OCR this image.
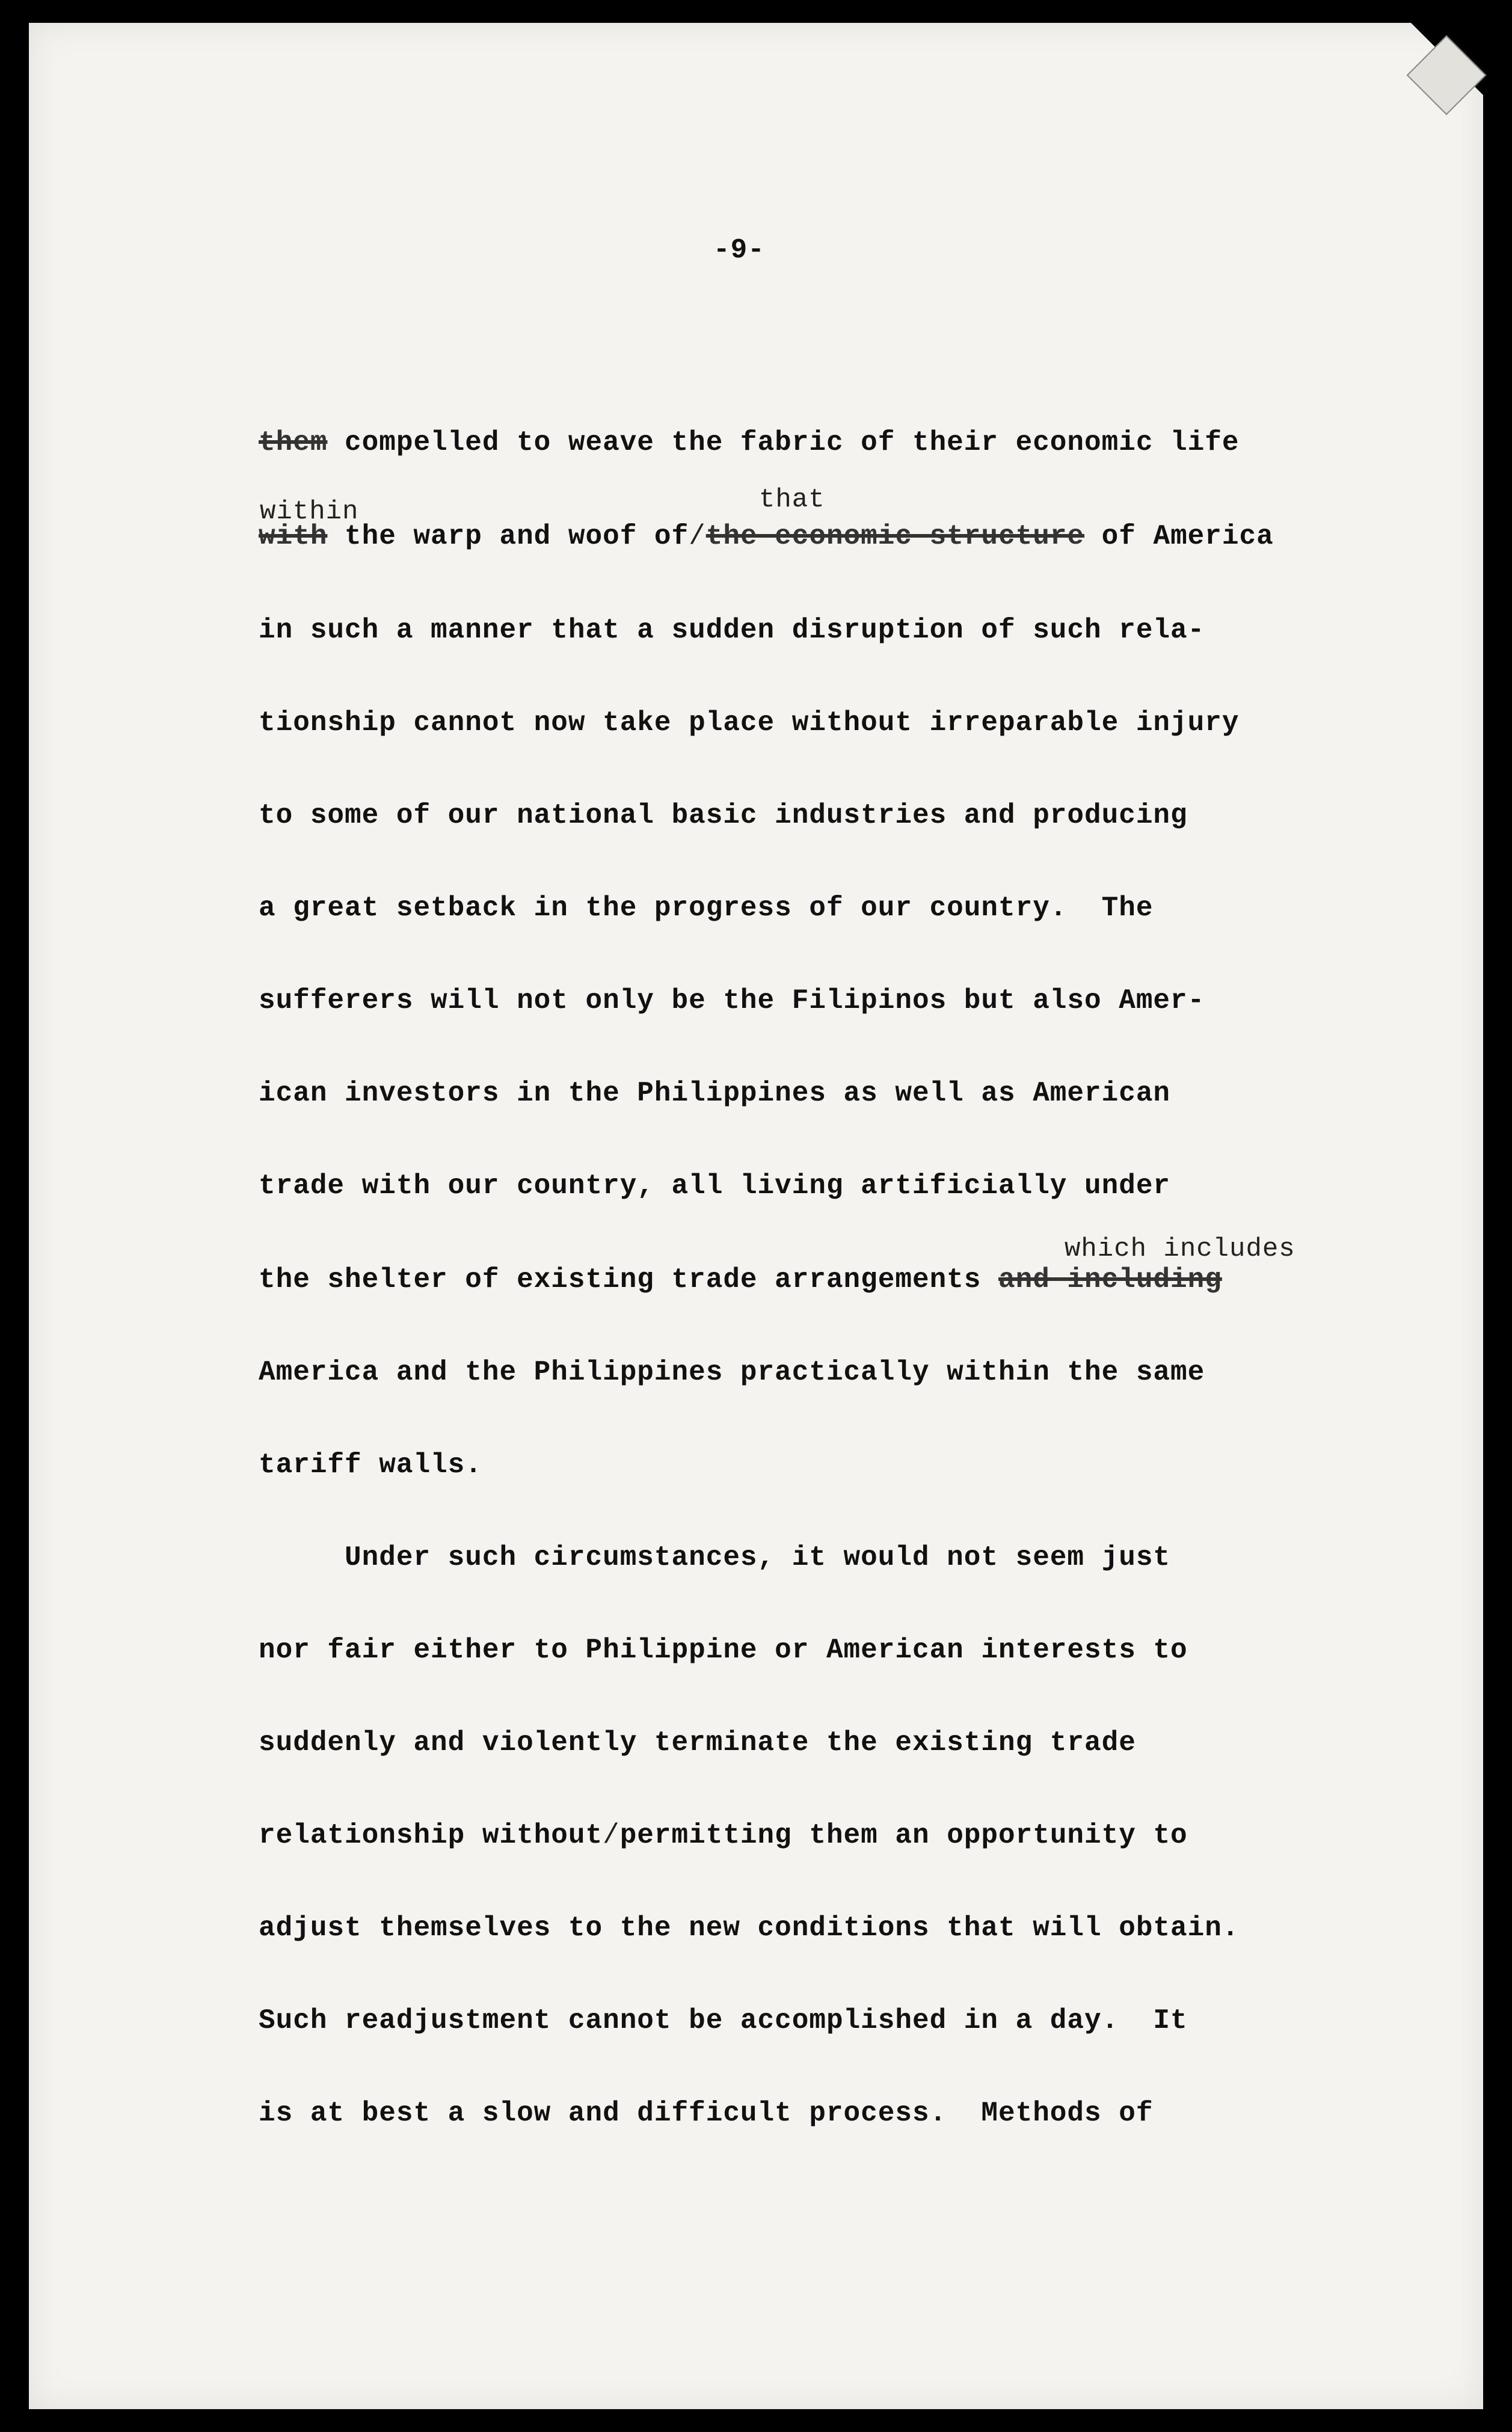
-9-
them compelled to weave the fabric of their economic life
within	that
with the warp and woof of/the economic structure of America
in such a manner that a sudden disruption of such rela-
tionship cannot now take place without irreparable injury
to some of our national basic industries and producing
a great setback in the progress of our country.  The
sufferers will not only be the Filipinos but also Amer-
ican investors in the Philippines as well as American
trade with our country, all living artificially under
which includes
the shelter of existing trade arrangements and including
America and the Philippines practically within the same
tariff walls.
Under such circumstances, it would not seem just
nor fair either to Philippine or American interests to
suddenly and violently terminate the existing trade
relationship without/permitting them an opportunity to
adjust themselves to the new conditions that will obtain.
Such readjustment cannot be accomplished in a day.  It
is at best a slow and difficult process.  Methods of
